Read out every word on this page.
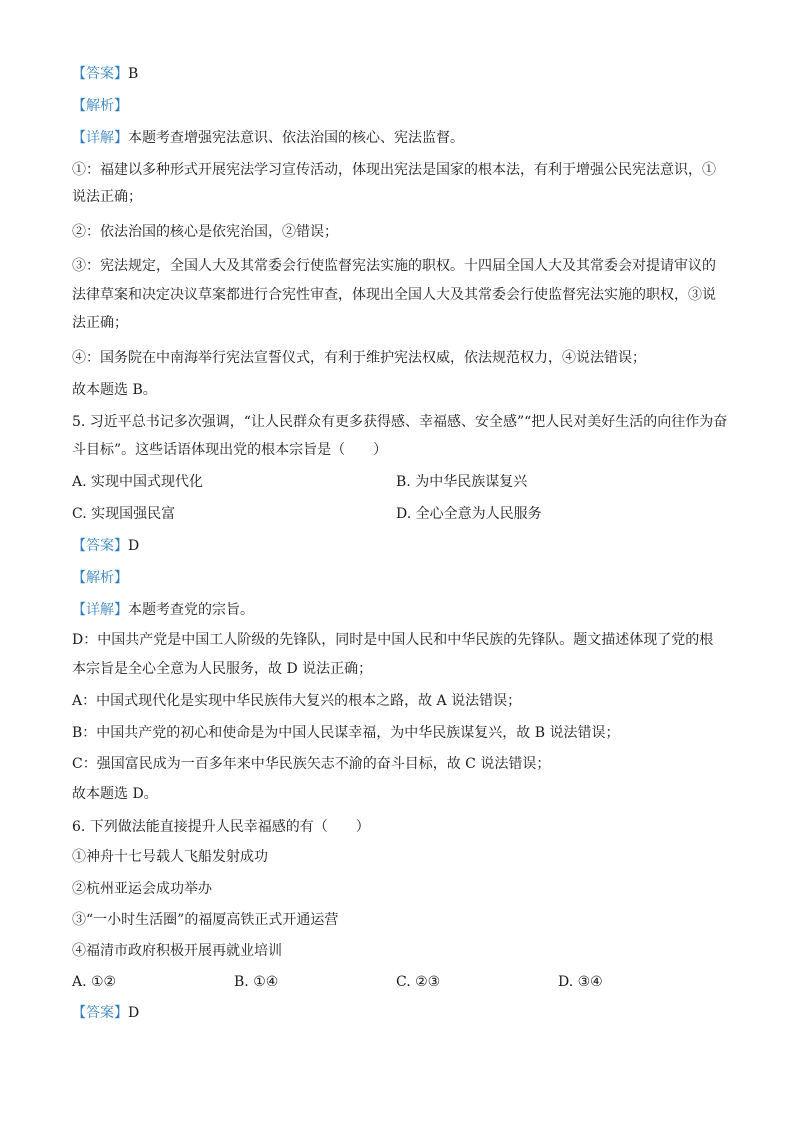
【答案】B
【解析】
【详解】本题考查增强宪法意识、依法治国的核心、宪法监督。
①：福建以多种形式开展宪法学习宣传活动，体现出宪法是国家的根本法，有利于增强公民宪法意识，①
说法正确；
②：依法治国的核心是依宪治国，②错误；
③：宪法规定，全国人大及其常委会行使监督宪法实施的职权。十四届全国人大及其常委会对提请审议的
法律草案和决定决议草案都进行合宪性审查，体现出全国人大及其常委会行使监督宪法实施的职权，③说
法正确；
④：国务院在中南海举行宪法宣誓仪式，有利于维护宪法权威，依法规范权力，④说法错误；
故本题选 B。
5. 习近平总书记多次强调，“让人民群众有更多获得感、幸福感、安全感”“把人民对美好生活的向往作为奋
斗目标”。这些话语体现出党的根本宗旨是（　　）
A. 实现中国式现代化	B. 为中华民族谋复兴
C. 实现国强民富	D. 全心全意为人民服务
【答案】D
【解析】
【详解】本题考查党的宗旨。
D：中国共产党是中国工人阶级的先锋队，同时是中国人民和中华民族的先锋队。题文描述体现了党的根
本宗旨是全心全意为人民服务，故 D 说法正确；
A：中国式现代化是实现中华民族伟大复兴的根本之路，故 A 说法错误；
B：中国共产党的初心和使命是为中国人民谋幸福，为中华民族谋复兴，故 B 说法错误；
C：强国富民成为一百多年来中华民族矢志不渝的奋斗目标，故 C 说法错误；
故本题选 D。
6. 下列做法能直接提升人民幸福感的有（　　）
①神舟十七号载人飞船发射成功
②杭州亚运会成功举办
③“一小时生活圈”的福厦高铁正式开通运营
④福清市政府积极开展再就业培训
A. ①②	B. ①④	C. ②③	D. ③④
【答案】D
